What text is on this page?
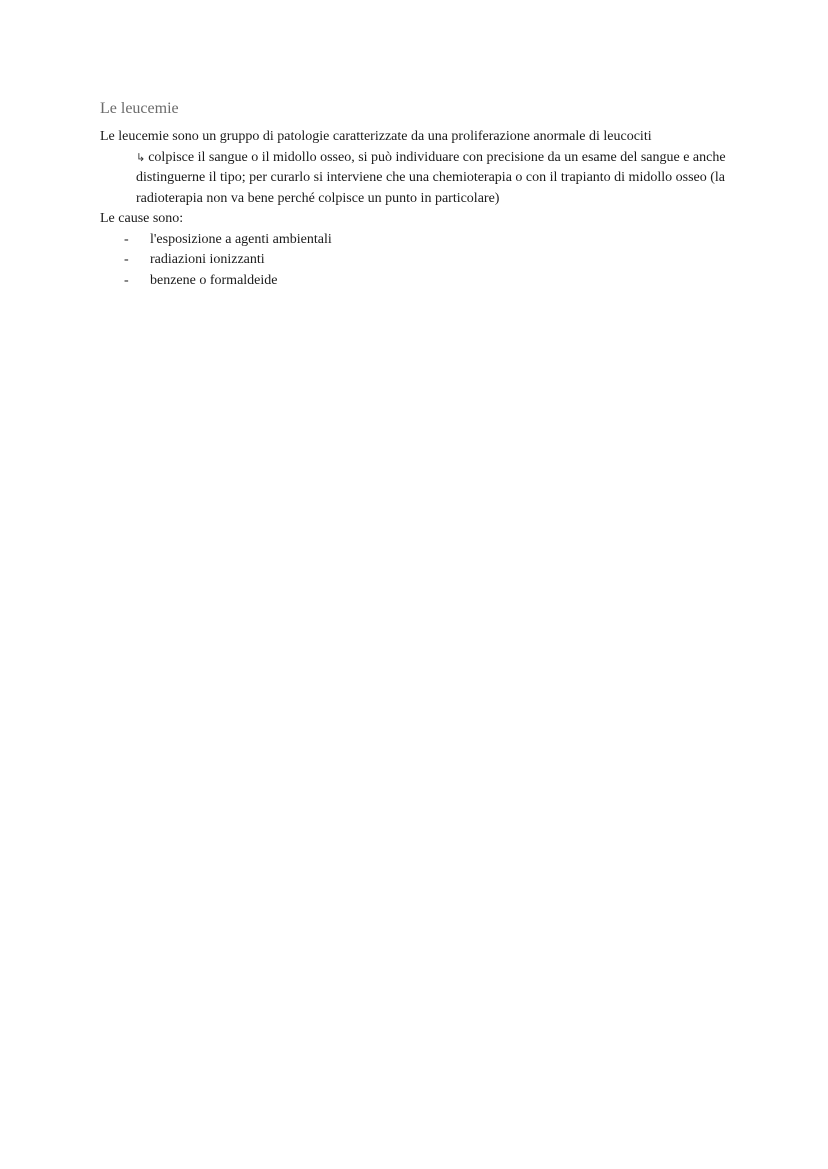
Le leucemie

Le leucemie sono un gruppo di patologie caratterizzate da una proliferazione anormale di leucociti

↳ colpisce il sangue o il midollo osseo, si può individuare con precisione da un esame del sangue e anche distinguerne il tipo; per curarlo si interviene che una chemioterapia o con il trapianto di midollo osseo (la radioterapia non va bene perché colpisce un punto in particolare)

Le cause sono:

-	l'esposizione a agenti ambientali
-	radiazioni ionizzanti
-	benzene o formaldeide
